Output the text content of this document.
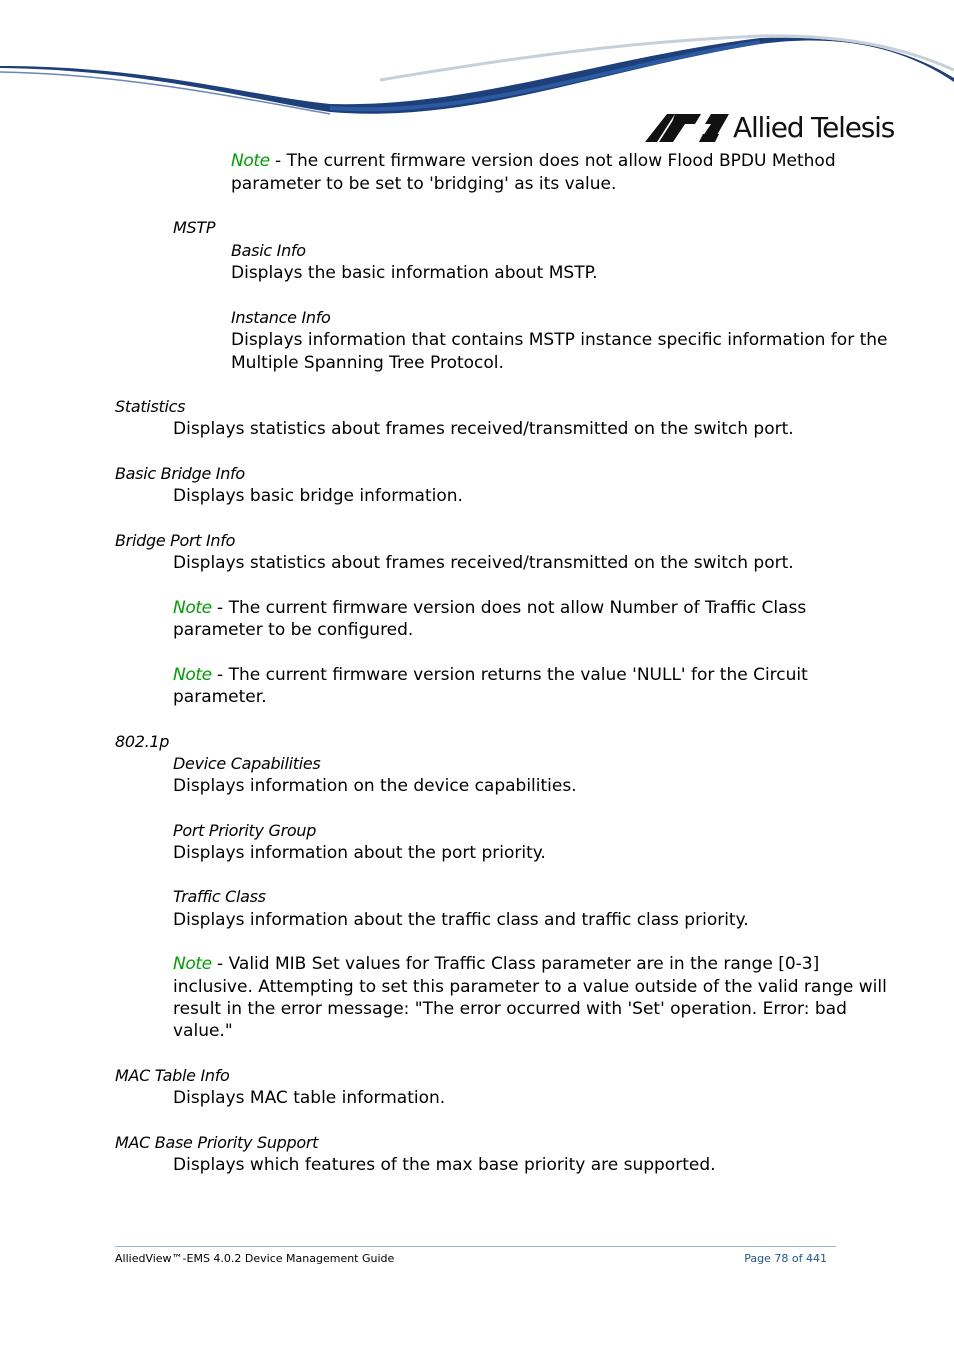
Allied Telesis

Note - The current firmware version does not allow Flood BPDU Method

parameter to be set to 'bridging' as its value.

MSTP

Basic Info

Displays the basic information about MSTP.

Instance Info

Displays information that contains MSTP instance specific information for the

Multiple Spanning Tree Protocol.

Statistics

Displays statistics about frames received/transmitted on the switch port.

Basic Bridge Info

Displays basic bridge information.

Bridge Port Info

Displays statistics about frames received/transmitted on the switch port.

Note - The current firmware version does not allow Number of Traffic Class

parameter to be configured.

Note - The current firmware version returns the value 'NULL' for the Circuit

parameter.

802.1p

Device Capabilities

Displays information on the device capabilities.

Port Priority Group

Displays information about the port priority.

Traffic Class

Displays information about the traffic class and traffic class priority.

Note - Valid MIB Set values for Traffic Class parameter are in the range [0-3]

inclusive. Attempting to set this parameter to a value outside of the valid range will

result in the error message: "The error occurred with 'Set' operation. Error: bad

value."

MAC Table Info

Displays MAC table information.

MAC Base Priority Support

Displays which features of the max base priority are supported.

AlliedView™-EMS 4.0.2 Device Management Guide	Page 78 of 441
